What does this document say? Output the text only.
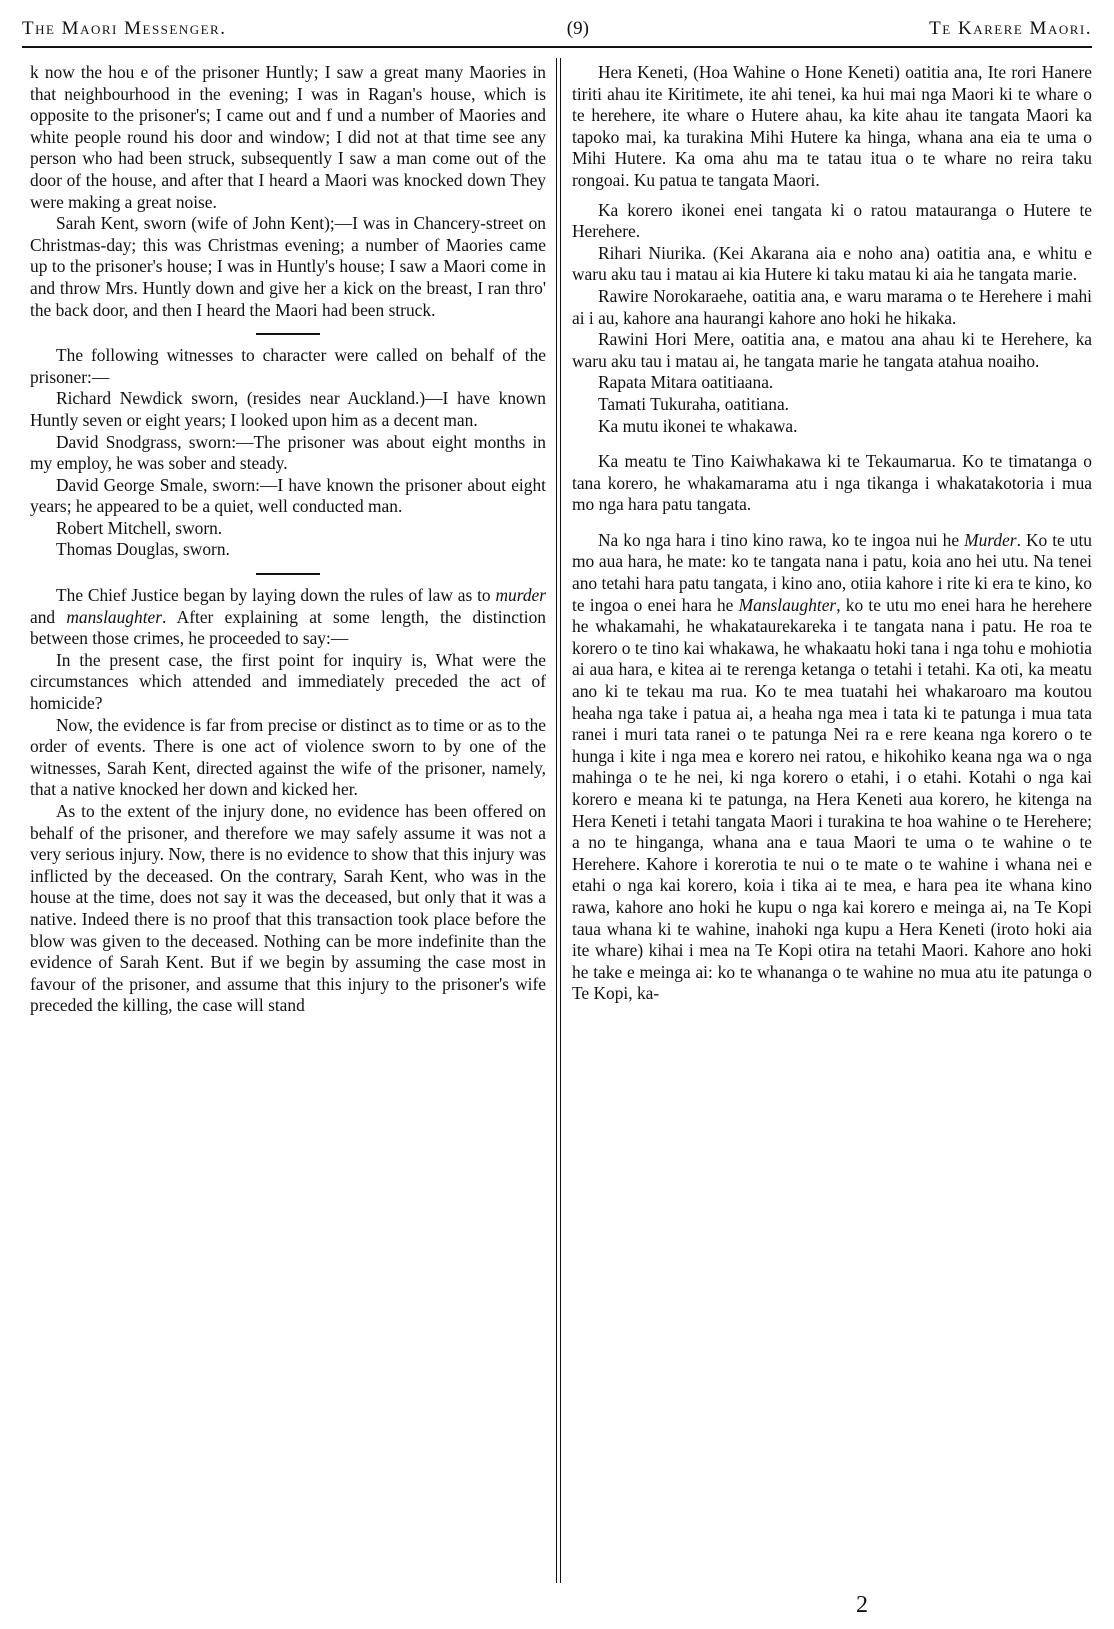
The Maori Messenger.	(9)	Te Karere Maori.

k now the hou e of the prisoner Huntly; I saw a great many Maories in that neighbourhood in the evening; I was in Ragan's house, which is opposite to the prisoner's; I came out and f und a number of Maories and white people round his door and window; I did not at that time see any person who had been struck, subsequently I saw a man come out of the door of the house, and after that I heard a Maori was knocked down They were making a great noise.

Sarah Kent, sworn (wife of John Kent);—I was in Chancery-street on Christmas-day; this was Christmas evening; a number of Maories came up to the prisoner's house; I was in Huntly's house; I saw a Maori come in and throw Mrs. Huntly down and give her a kick on the breast, I ran thro' the back door, and then I heard the Maori had been struck.

The following witnesses to character were called on behalf of the prisoner:—

Richard Newdick sworn, (resides near Auckland.)—I have known Huntly seven or eight years; I looked upon him as a decent man.

David Snodgrass, sworn:—The prisoner was about eight months in my employ, he was sober and steady.

David George Smale, sworn:—I have known the prisoner about eight years; he appeared to be a quiet, well conducted man.

Robert Mitchell, sworn.

Thomas Douglas, sworn.

The Chief Justice began by laying down the rules of law as to murder and manslaughter. After explaining at some length, the distinction between those crimes, he proceeded to say:—

In the present case, the first point for inquiry is, What were the circumstances which attended and immediately preceded the act of homicide?

Now, the evidence is far from precise or distinct as to time or as to the order of events. There is one act of violence sworn to by one of the witnesses, Sarah Kent, directed against the wife of the prisoner, namely, that a native knocked her down and kicked her.

As to the extent of the injury done, no evidence has been offered on behalf of the prisoner, and therefore we may safely assume it was not a very serious injury. Now, there is no evidence to show that this injury was inflicted by the deceased. On the contrary, Sarah Kent, who was in the house at the time, does not say it was the deceased, but only that it was a native. Indeed there is no proof that this transaction took place before the blow was given to the deceased. Nothing can be more indefinite than the evidence of Sarah Kent. But if we begin by assuming the case most in favour of the prisoner, and assume that this injury to the prisoner's wife preceded the killing, the case will stand

Hera Keneti, (Hoa Wahine o Hone Keneti) oatitia ana, Ite rori Hanere tiriti ahau ite Kiritimete, ite ahi tenei, ka hui mai nga Maori ki te whare o te herehere, ite whare o Hutere ahau, ka kite ahau ite tangata Maori ka tapoko mai, ka turakina Mihi Hutere ka hinga, whana ana eia te uma o Mihi Hutere. Ka oma ahu ma te tatau itua o te whare no reira taku rongoai. Ku patua te tangata Maori.

Ka korero ikonei enei tangata ki o ratou matauranga o Hutere te Herehere.

Rihari Niurika. (Kei Akarana aia e noho ana) oatitia ana, e whitu e waru aku tau i matau ai kia Hutere ki taku matau ki aia he tangata marie.

Rawire Norokaraehe, oatitia ana, e waru marama o te Herehere i mahi ai i au, kahore ana haurangi kahore ano hoki he hikaka.

Rawini Hori Mere, oatitia ana, e matou ana ahau ki te Herehere, ka waru aku tau i matau ai, he tangata marie he tangata atahua noaiho.

Rapata Mitara oatitiaana.

Tamati Tukuraha, oatitiana.

Ka mutu ikonei te whakawa.

Ka meatu te Tino Kaiwhakawa ki te Tekaumarua. Ko te timatanga o tana korero, he whakamarama atu i nga tikanga i whakatakotoria i mua mo nga hara patu tangata.

Na ko nga hara i tino kino rawa, ko te ingoa nui he Murder. Ko te utu mo aua hara, he mate: ko te tangata nana i patu, koia ano hei utu. Na tenei ano tetahi hara patu tangata, i kino ano, otiia kahore i rite ki era te kino, ko te ingoa o enei hara he Manslaughter, ko te utu mo enei hara he herehere he whakamahi, he whakataurekareka i te tangata nana i patu. He roa te korero o te tino kai whakawa, he whakaatu hoki tana i nga tohu e mohiotia ai aua hara, e kitea ai te rerenga ketanga o tetahi i tetahi. Ka oti, ka meatu ano ki te tekau ma rua. Ko te mea tuatahi hei whakaroaro ma koutou heaha nga take i patua ai, a heaha nga mea i tata ki te patunga i mua tata ranei i muri tata ranei o te patunga Nei ra e rere keana nga korero o te hunga i kite i nga mea e korero nei ratou, e hikohiko keana nga wa o nga mahinga o te he nei, ki nga korero o etahi, i o etahi. Kotahi o nga kai korero e meana ki te patunga, na Hera Keneti aua korero, he kitenga na Hera Keneti i tetahi tangata Maori i turakina te hoa wahine o te Herehere; a no te hinganga, whana ana e taua Maori te uma o te wahine o te Herehere. Kahore i korerotia te nui o te mate o te wahine i whana nei e etahi o nga kai korero, koia i tika ai te mea, e hara pea ite whana kino rawa, kahore ano hoki he kupu o nga kai korero e meinga ai, na Te Kopi taua whana ki te wahine, inahoki nga kupu a Hera Keneti (iroto hoki aia ite whare) kihai i mea na Te Kopi otira na tetahi Maori. Kahore ano hoki he take e meinga ai: ko te whananga o te wahine no mua atu ite patunga o Te Kopi, ka-

2
